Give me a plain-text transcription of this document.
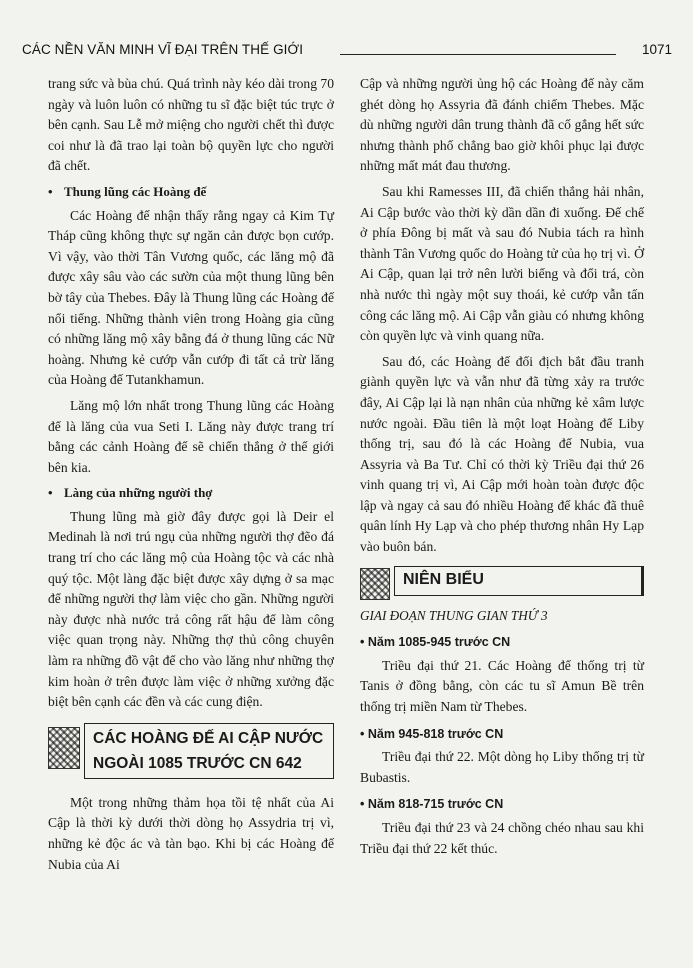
CÁC NỀN VĂN MINH VĨ ĐẠI TRÊN THẾ GIỚI	1071

trang sức và bùa chú. Quá trình này kéo dài trong 70 ngày và luôn luôn có những tu sĩ đặc biệt túc trực ở bên cạnh. Sau Lễ mở miệng cho người chết thì được coi như là đã trao lại toàn bộ quyền lực cho người đã chết.

• Thung lũng các Hoàng đế

Các Hoàng đế nhận thấy rằng ngay cả Kim Tự Tháp cũng không thực sự ngăn cản được bọn cướp. Vì vậy, vào thời Tân Vương quốc, các lăng mộ đã được xây sâu vào các sườn của một thung lũng bên bờ tây của Thebes. Đây là Thung lũng các Hoàng đế nổi tiếng. Những thành viên trong Hoàng gia cũng có những lăng mộ xây bằng đá ở thung lũng các Nữ hoàng. Nhưng kẻ cướp vẫn cướp đi tất cả trừ lăng của Hoàng đế Tutankhamun.

Lăng mộ lớn nhất trong Thung lũng các Hoàng đế là lăng của vua Seti I. Lăng này được trang trí bằng các cảnh Hoàng đế sẽ chiến thắng ở thế giới bên kia.

• Làng của những người thợ

Thung lũng mà giờ đây được gọi là Deir el Medinah là nơi trú ngụ của những người thợ đẽo đá trang trí cho các lăng mộ của Hoàng tộc và các nhà quý tộc. Một làng đặc biệt được xây dựng ở sa mạc để những người thợ làm việc cho gần. Những người này được nhà nước trả công rất hậu để làm công việc quan trọng này. Những thợ thủ công chuyên làm ra những đồ vật để cho vào lăng như những thợ kim hoàn ở trên được làm việc ở những xưởng đặc biệt bên cạnh các đền và các cung điện.

CÁC HOÀNG ĐẾ AI CẬP NƯỚC
NGOÀI 1085 TRƯỚC CN 642

Một trong những thảm họa tồi tệ nhất của Ai Cập là thời kỳ dưới thời dòng họ Assydria trị vì, những kẻ độc ác và tàn bạo. Khi bị các Hoàng đế Nubia của Ai

Cập và những người ủng hộ các Hoàng đế này căm ghét dòng họ Assyria đã đánh chiếm Thebes. Mặc dù những người dân trung thành đã cố gắng hết sức nhưng thành phố chẳng bao giờ khôi phục lại được những mất mát đau thương.

Sau khi Ramesses III, đã chiến thắng hải nhân, Ai Cập bước vào thời kỳ dần dần đi xuống. Đế chế ở phía Đông bị mất và sau đó Nubia tách ra hình thành Tân Vương quốc do Hoàng tử của họ trị vì. Ở Ai Cập, quan lại trở nên lười biếng và đổi trá, còn nhà nước thì ngày một suy thoái, kẻ cướp vẫn tấn công các lăng mộ. Ai Cập vẫn giàu có nhưng không còn quyền lực và vinh quang nữa.

Sau đó, các Hoàng đế đối địch bắt đầu tranh giành quyền lực và vẫn như đã từng xảy ra trước đây, Ai Cập lại là nạn nhân của những kẻ xâm lược nước ngoài. Đầu tiên là một loạt Hoàng đế Liby thống trị, sau đó là các Hoàng đế Nubia, vua Assyria và Ba Tư. Chỉ có thời kỳ Triều đại thứ 26 vinh quang trị vì, Ai Cập mới hoàn toàn được độc lập và ngay cả sau đó nhiều Hoàng đế khác đã thuê quân lính Hy Lạp và cho phép thương nhân Hy Lạp vào buôn bán.

NIÊN BIỂU
GIAI ĐOẠN THUNG GIAN THỨ 3
• Năm 1085-945 trước CN

Triều đại thứ 21. Các Hoàng đế thống trị từ Tanis ở đồng bằng, còn các tu sĩ Amun Bề trên thống trị miền Nam từ Thebes.

• Năm 945-818 trước CN

Triều đại thứ 22. Một dòng họ Liby thống trị từ Bubastis.

• Năm 818-715 trước CN

Triều đại thứ 23 và 24 chồng chéo nhau sau khi Triều đại thứ 22 kết thúc.
